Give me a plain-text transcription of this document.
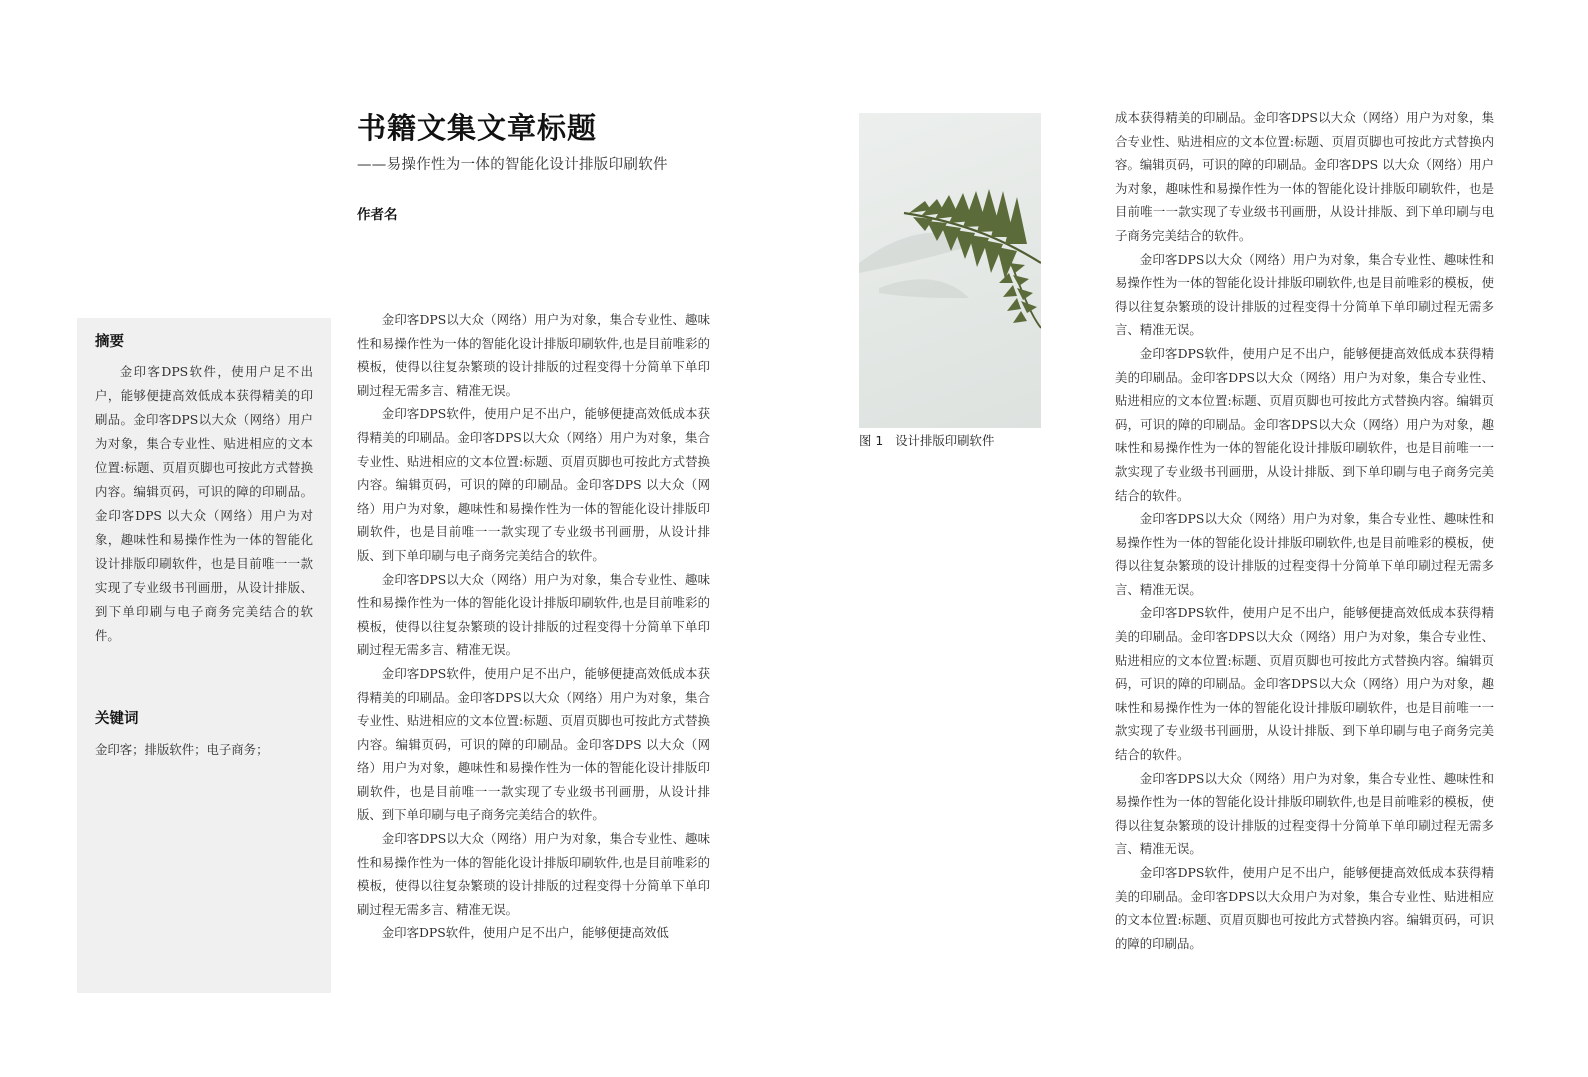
书籍文集文章标题
——易操作性为一体的智能化设计排版印刷软件
作者名
摘要

金印客DPS软件，使用户足不出户，能够便捷高效低成本获得精美的印刷品。金印客DPS以大众（网络）用户为对象，集合专业性、贴进相应的文本位置:标题、页眉页脚也可按此方式替换内容。编辑页码，可识的障的印刷品。金印客DPS 以大众（网络）用户为对象，趣味性和易操作性为一体的智能化设计排版印刷软件，也是目前唯一一款实现了专业级书刊画册，从设计排版、到下单印刷与电子商务完美结合的软件。

关键词
金印客；排版软件；电子商务；

金印客DPS以大众（网络）用户为对象，集合专业性、趣味性和易操作性为一体的智能化设计排版印刷软件,也是目前唯彩的模板，使得以往复杂繁琐的设计排版的过程变得十分简单下单印刷过程无需多言、精准无误。

金印客DPS软件，使用户足不出户，能够便捷高效低成本获得精美的印刷品。金印客DPS以大众（网络）用户为对象，集合专业性、贴进相应的文本位置:标题、页眉页脚也可按此方式替换内容。编辑页码，可识的障的印刷品。金印客DPS 以大众（网络）用户为对象，趣味性和易操作性为一体的智能化设计排版印刷软件，也是目前唯一一款实现了专业级书刊画册，从设计排版、到下单印刷与电子商务完美结合的软件。

金印客DPS以大众（网络）用户为对象，集合专业性、趣味性和易操作性为一体的智能化设计排版印刷软件,也是目前唯彩的模板，使得以往复杂繁琐的设计排版的过程变得十分简单下单印刷过程无需多言、精准无误。

金印客DPS软件，使用户足不出户，能够便捷高效低成本获得精美的印刷品。金印客DPS以大众（网络）用户为对象，集合专业性、贴进相应的文本位置:标题、页眉页脚也可按此方式替换内容。编辑页码，可识的障的印刷品。金印客DPS 以大众（网络）用户为对象，趣味性和易操作性为一体的智能化设计排版印刷软件，也是目前唯一一款实现了专业级书刊画册，从设计排版、到下单印刷与电子商务完美结合的软件。

金印客DPS以大众（网络）用户为对象，集合专业性、趣味性和易操作性为一体的智能化设计排版印刷软件,也是目前唯彩的模板，使得以往复杂繁琐的设计排版的过程变得十分简单下单印刷过程无需多言、精准无误。

金印客DPS软件，使用户足不出户，能够便捷高效低

图 1 设计排版印刷软件

成本获得精美的印刷品。金印客DPS以大众（网络）用户为对象，集合专业性、贴进相应的文本位置:标题、页眉页脚也可按此方式替换内容。编辑页码，可识的障的印刷品。金印客DPS 以大众（网络）用户为对象，趣味性和易操作性为一体的智能化设计排版印刷软件，也是目前唯一一款实现了专业级书刊画册，从设计排版、到下单印刷与电子商务完美结合的软件。

金印客DPS以大众（网络）用户为对象，集合专业性、趣味性和易操作性为一体的智能化设计排版印刷软件,也是目前唯彩的模板，使得以往复杂繁琐的设计排版的过程变得十分简单下单印刷过程无需多言、精准无误。

金印客DPS软件，使用户足不出户，能够便捷高效低成本获得精美的印刷品。金印客DPS以大众（网络）用户为对象，集合专业性、贴进相应的文本位置:标题、页眉页脚也可按此方式替换内容。编辑页码，可识的障的印刷品。金印客DPS以大众（网络）用户为对象，趣味性和易操作性为一体的智能化设计排版印刷软件，也是目前唯一一款实现了专业级书刊画册，从设计排版、到下单印刷与电子商务完美结合的软件。

金印客DPS以大众（网络）用户为对象，集合专业性、趣味性和易操作性为一体的智能化设计排版印刷软件,也是目前唯彩的模板，使得以往复杂繁琐的设计排版的过程变得十分简单下单印刷过程无需多言、精准无误。

金印客DPS软件，使用户足不出户，能够便捷高效低成本获得精美的印刷品。金印客DPS以大众（网络）用户为对象，集合专业性、贴进相应的文本位置:标题、页眉页脚也可按此方式替换内容。编辑页码，可识的障的印刷品。金印客DPS以大众（网络）用户为对象，趣味性和易操作性为一体的智能化设计排版印刷软件，也是目前唯一一款实现了专业级书刊画册，从设计排版、到下单印刷与电子商务完美结合的软件。

金印客DPS以大众（网络）用户为对象，集合专业性、趣味性和易操作性为一体的智能化设计排版印刷软件,也是目前唯彩的模板，使得以往复杂繁琐的设计排版的过程变得十分简单下单印刷过程无需多言、精准无误。

金印客DPS软件，使用户足不出户，能够便捷高效低成本获得精美的印刷品。金印客DPS以大众用户为对象，集合专业性、贴进相应的文本位置:标题、页眉页脚也可按此方式替换内容。编辑页码，可识的障的印刷品。
